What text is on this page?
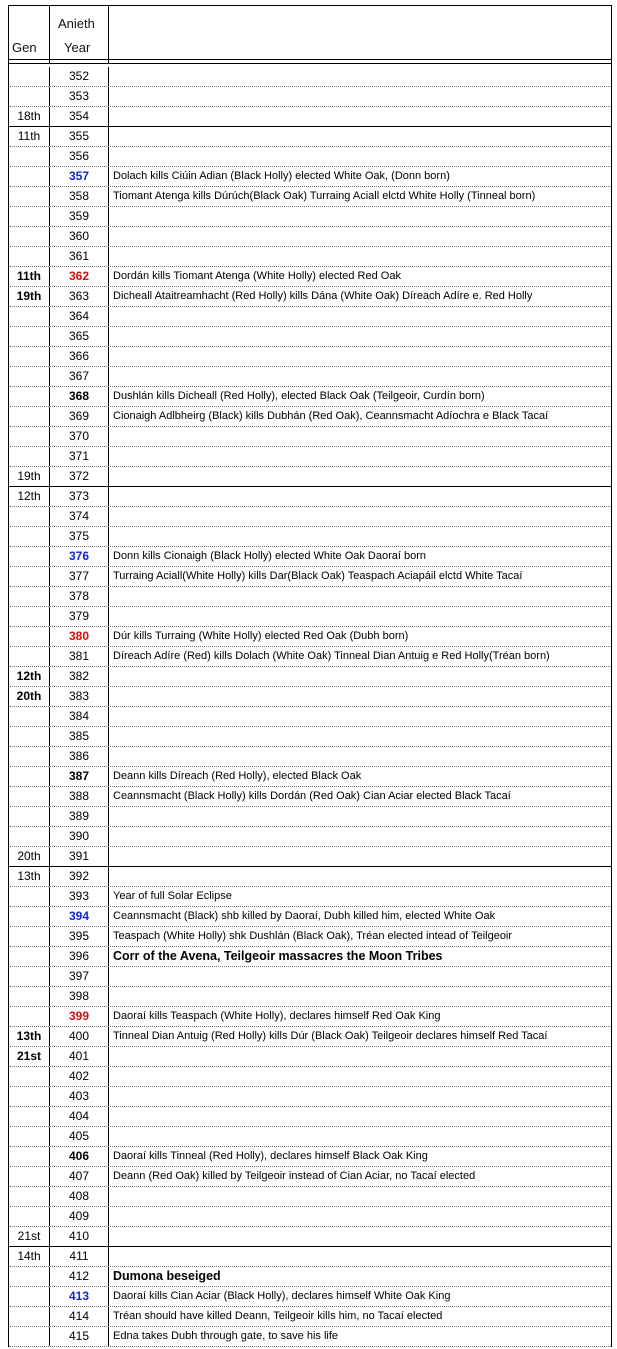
Gen
Anieth
Year
352
353
18th	354
11th	355
356
357	Dolach kills Ciúin Adian (Black Holly) elected White Oak, (Donn born)
358	Tiomant Atenga kills Dúrúch(Black Oak) Turraing Aciall elctd White Holly (Tinneal born)
359
360
361
11th	362	Dordán kills Tiomant Atenga (White Holly) elected Red Oak
19th	363	Dicheall Ataitreamhacht (Red Holly) kills Dána (White Oak) Díreach Adíre e. Red Holly
364
365
366
367
368	Dushlán kills Dicheall (Red Holly), elected Black Oak (Teilgeoir, Curdín born)
369	Cionaigh Adlbheirg (Black) kills Dubhán (Red Oak), Ceannsmacht Adíochra e Black Tacaí
370
371
19th	372
12th	373
374
375
376	Donn kills Cionaigh (Black Holly) elected White Oak Daoraí born
377	Turraing Aciall(White Holly) kills Dar(Black Oak) Teaspach Aciapáil elctd White Tacaí
378
379
380	Dúr kills Turraing (White Holly) elected Red Oak (Dubh born)
381	Díreach Adíre (Red) kills Dolach (White Oak) Tinneal Dian Antuig e Red Holly(Tréan born)
12th	382
20th	383
384
385
386
387	Deann kills Díreach (Red Holly), elected Black Oak
388	Ceannsmacht (Black Holly) kills Dordán (Red Oak) Cian Aciar elected Black Tacaí
389
390
20th	391
13th	392
393	Year of full Solar Eclipse
394	Ceannsmacht (Black) shb killed by Daoraí, Dubh killed him, elected White Oak
395	Teaspach (White Holly) shk Dushlán (Black Oak), Tréan elected intead of Teilgeoir
396	Corr of the Avena, Teilgeoir massacres the Moon Tribes
397
398
399	Daoraí kills Teaspach (White Holly), declares himself Red Oak King
13th	400	Tinneal Dian Antuig (Red Holly) kills Dúr (Black Oak) Teilgeoir declares himself Red Tacaí
21st	401
402
403
404
405
406	Daoraí kills Tinneal (Red Holly), declares himself Black Oak King
407	Deann (Red Oak) killed by Teilgeoir instead of Cian Aciar, no Tacaí elected
408
409
21st	410
14th	411
412	Dumona beseiged
413	Daoraí kills Cian Aciar (Black Holly), declares himself White Oak King
414	Tréan should have killed Deann, Teilgeoir kills him, no Tacaí elected
415	Edna takes Dubh through gate, to save his life
